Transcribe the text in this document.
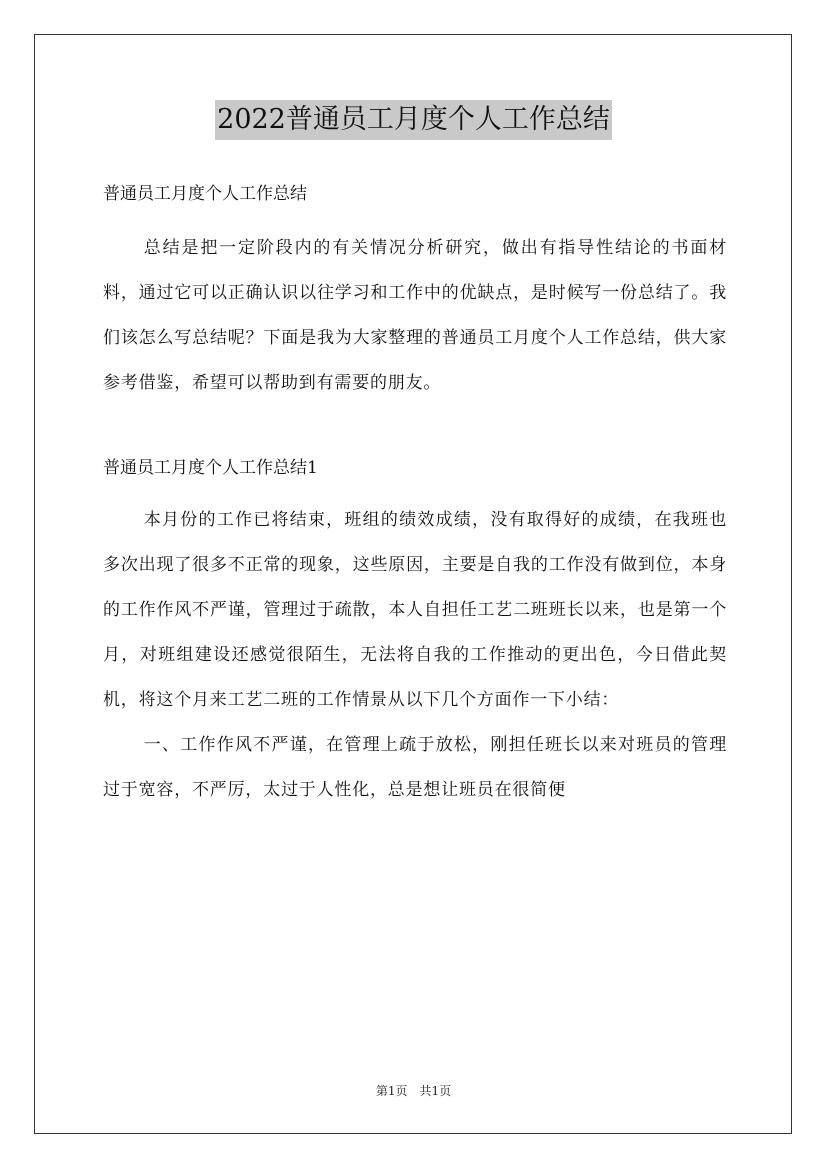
2022普通员工月度个人工作总结

普通员工月度个人工作总结

总结是把一定阶段内的有关情况分析研究，做出有指导性结论的书面材料，通过它可以正确认识以往学习和工作中的优缺点，是时候写一份总结了。我们该怎么写总结呢？下面是我为大家整理的普通员工月度个人工作总结，供大家参考借鉴，希望可以帮助到有需要的朋友。

普通员工月度个人工作总结1

本月份的工作已将结束，班组的绩效成绩，没有取得好的成绩，在我班也多次出现了很多不正常的现象，这些原因，主要是自我的工作没有做到位，本身的工作作风不严谨，管理过于疏散，本人自担任工艺二班班长以来，也是第一个月，对班组建设还感觉很陌生，无法将自我的工作推动的更出色，今日借此契机，将这个月来工艺二班的工作情景从以下几个方面作一下小结：

一、工作作风不严谨，在管理上疏于放松，刚担任班长以来对班员的管理过于宽容，不严厉，太过于人性化，总是想让班员在很简便

第1页　共1页
